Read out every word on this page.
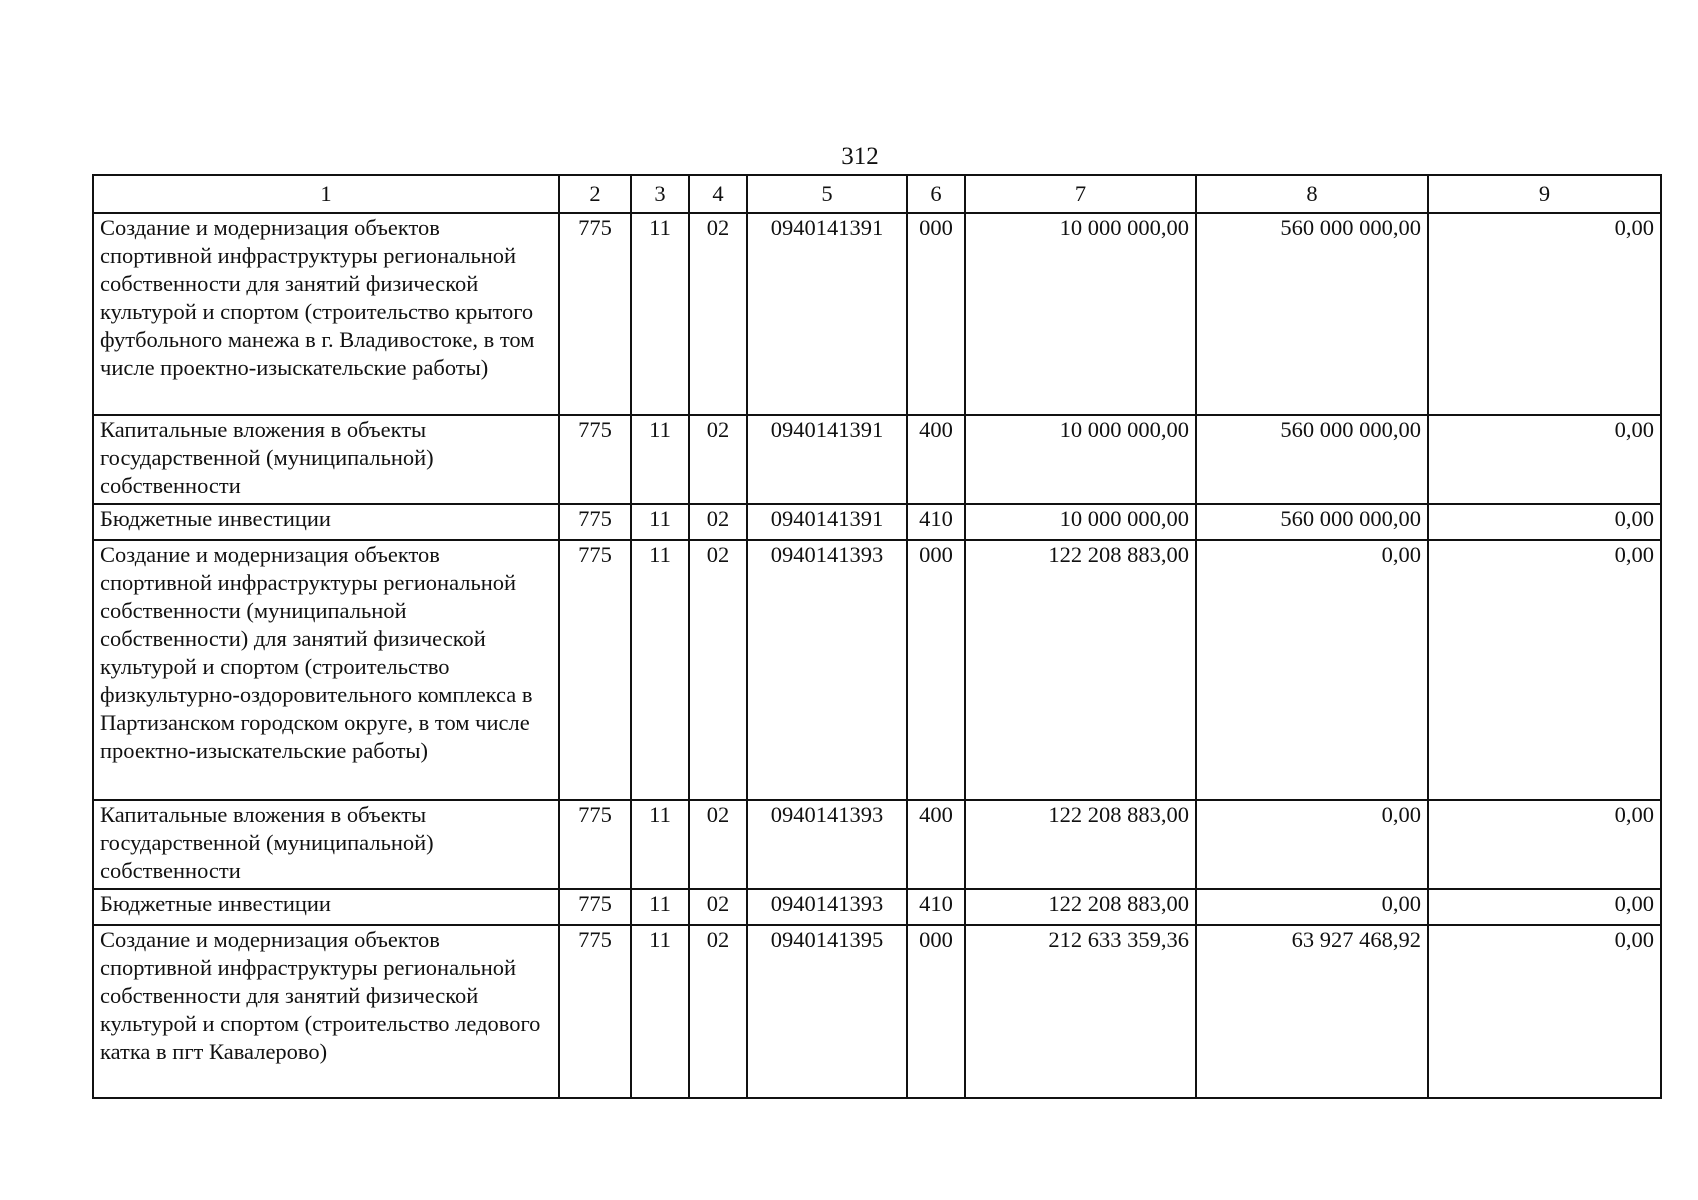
312
1	2	3	4	5	6	7	8	9
Создание и модернизация объектов спортивной инфраструктуры региональной собственности для занятий физической культурой и спортом (строительство крытого футбольного манежа в г. Владивостоке, в том числе проектно-изыскательские работы)	775	11	02	0940141391	000	10 000 000,00	560 000 000,00	0,00
Капитальные вложения в объекты государственной (муниципальной) собственности	775	11	02	0940141391	400	10 000 000,00	560 000 000,00	0,00
Бюджетные инвестиции	775	11	02	0940141391	410	10 000 000,00	560 000 000,00	0,00
Создание и модернизация объектов спортивной инфраструктуры региональной собственности (муниципальной собственности) для занятий физической культурой и спортом (строительство физкультурно-оздоровительного комплекса в Партизанском городском округе, в том числе проектно-изыскательские работы)	775	11	02	0940141393	000	122 208 883,00	0,00	0,00
Капитальные вложения в объекты государственной (муниципальной) собственности	775	11	02	0940141393	400	122 208 883,00	0,00	0,00
Бюджетные инвестиции	775	11	02	0940141393	410	122 208 883,00	0,00	0,00
Создание и модернизация объектов спортивной инфраструктуры региональной собственности для занятий физической культурой и спортом (строительство ледового катка в пгт Кавалерово)	775	11	02	0940141395	000	212 633 359,36	63 927 468,92	0,00
